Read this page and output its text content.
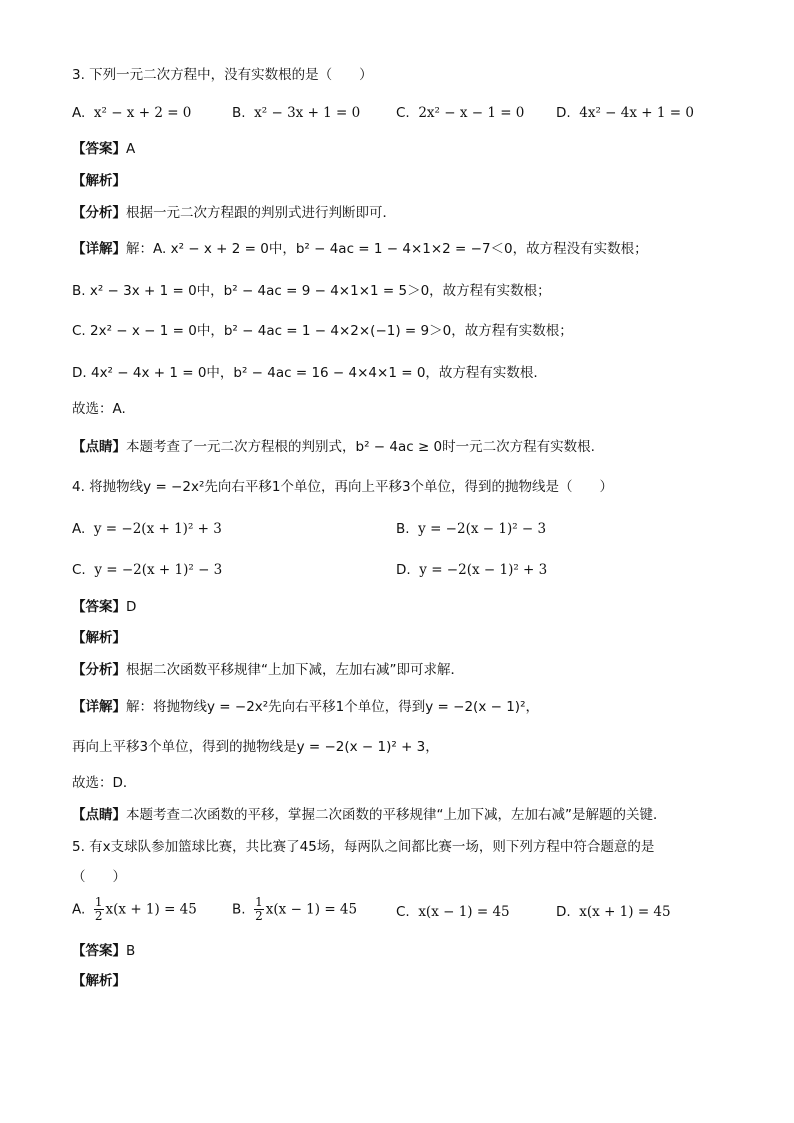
3. 下列一元二次方程中，没有实数根的是（　　）
A. x² − x + 2 = 0	B. x² − 3x + 1 = 0	C. 2x² − x − 1 = 0 D. 4x² − 4x + 1 = 0
【答案】A
【解析】
【分析】根据一元二次方程跟的判别式进行判断即可．
【详解】解：A. x² − x + 2 = 0中，b² − 4ac = 1 − 4×1×2 = −7＜0，故方程没有实数根；
B. x² − 3x + 1 = 0中，b² − 4ac = 9 − 4×1×1 = 5＞0，故方程有实数根；
C. 2x² − x − 1 = 0中，b² − 4ac = 1 − 4×2×(−1) = 9＞0，故方程有实数根；
D. 4x² − 4x + 1 = 0中，b² − 4ac = 16 − 4×4×1 = 0，故方程有实数根.
故选：A.
【点睛】本题考查了一元二次方程根的判别式，b² − 4ac ≥ 0时一元二次方程有实数根.
4. 将抛物线y = −2x²先向右平移1个单位，再向上平移3个单位，得到的抛物线是（　　）
A. y = −2(x + 1)² + 3	B. y = −2(x − 1)² − 3
C. y = −2(x + 1)² − 3	D. y = −2(x − 1)² + 3
【答案】D
【解析】
【分析】根据二次函数平移规律“上加下减，左加右减”即可求解．
【详解】解：将抛物线y = −2x²先向右平移1个单位，得到y = −2(x − 1)²，
再向上平移3个单位，得到的抛物线是y = −2(x − 1)² + 3，
故选：D．
【点睛】本题考查二次函数的平移，掌握二次函数的平移规律“上加下减，左加右减”是解题的关键．
5. 有x支球队参加篮球比赛，共比赛了45场，每两队之间都比赛一场，则下列方程中符合题意的是
（　　）
A. $\frac{1}{2} x(x + 1) = 45$	B. $\frac{1}{2} x(x - 1) = 45$	C. x(x − 1) = 45	D. x(x + 1) = 45
【答案】B
【解析】
